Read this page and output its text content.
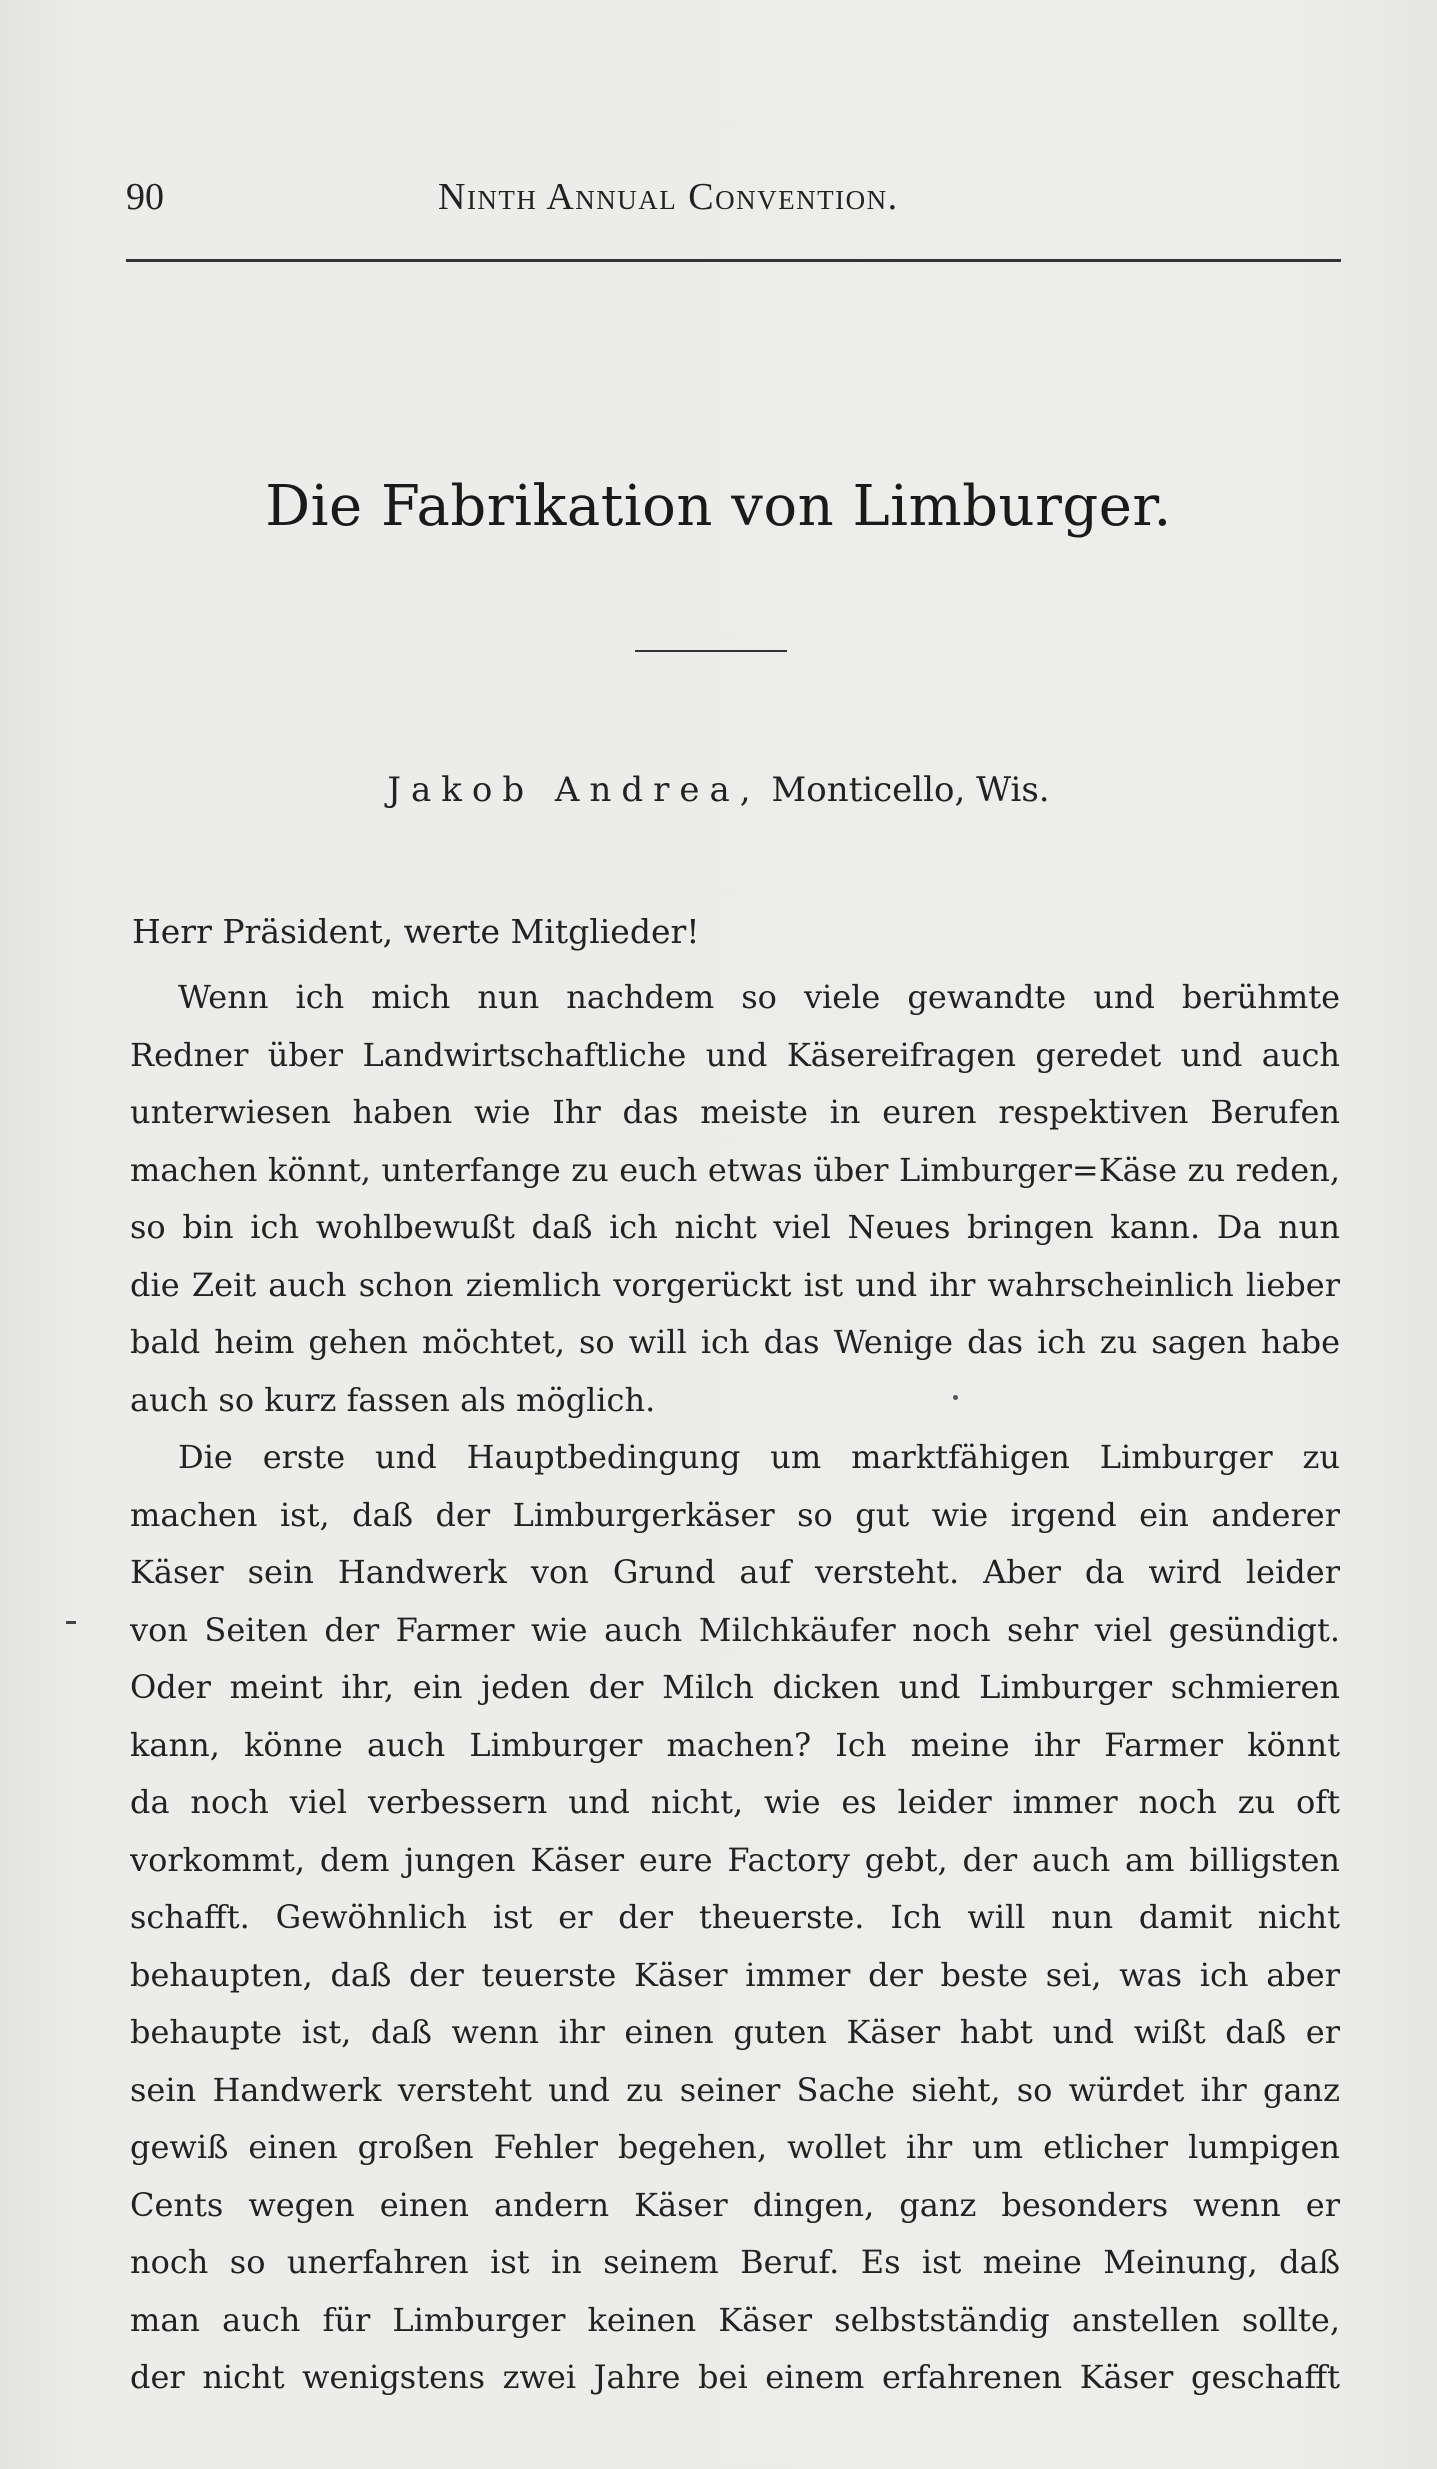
90	Ninth Annual Convention.
Die Fabrikation von Limburger.
Jakob Andrea, Monticello, Wis.
Herr Präsident, werte Mitglieder!
Wenn ich mich nun nachdem so viele gewandte und berühmte
Redner über Landwirtschaftliche und Käsereifragen geredet und auch
unterwiesen haben wie Ihr das meiste in euren respektiven Berufen
machen könnt, unterfange zu euch etwas über Limburger=Käse zu reden,
so bin ich wohlbewußt daß ich nicht viel Neues bringen kann. Da nun
die Zeit auch schon ziemlich vorgerückt ist und ihr wahrscheinlich lieber
bald heim gehen möchtet, so will ich das Wenige das ich zu sagen habe
auch so kurz fassen als möglich.
Die erste und Hauptbedingung um marktfähigen Limburger zu
machen ist, daß der Limburgerkäser so gut wie irgend ein anderer
Käser sein Handwerk von Grund auf versteht. Aber da wird leider
von Seiten der Farmer wie auch Milchkäufer noch sehr viel gesündigt.
Oder meint ihr, ein jeden der Milch dicken und Limburger schmieren
kann, könne auch Limburger machen? Ich meine ihr Farmer könnt
da noch viel verbessern und nicht, wie es leider immer noch zu oft
vorkommt, dem jungen Käser eure Factory gebt, der auch am billigsten
schafft. Gewöhnlich ist er der theuerste. Ich will nun damit nicht
behaupten, daß der teuerste Käser immer der beste sei, was ich aber
behaupte ist, daß wenn ihr einen guten Käser habt und wißt daß er
sein Handwerk versteht und zu seiner Sache sieht, so würdet ihr ganz
gewiß einen großen Fehler begehen, wollet ihr um etlicher lumpigen
Cents wegen einen andern Käser dingen, ganz besonders wenn er
noch so unerfahren ist in seinem Beruf. Es ist meine Meinung, daß
man auch für Limburger keinen Käser selbstständig anstellen sollte,
der nicht wenigstens zwei Jahre bei einem erfahrenen Käser geschafft
